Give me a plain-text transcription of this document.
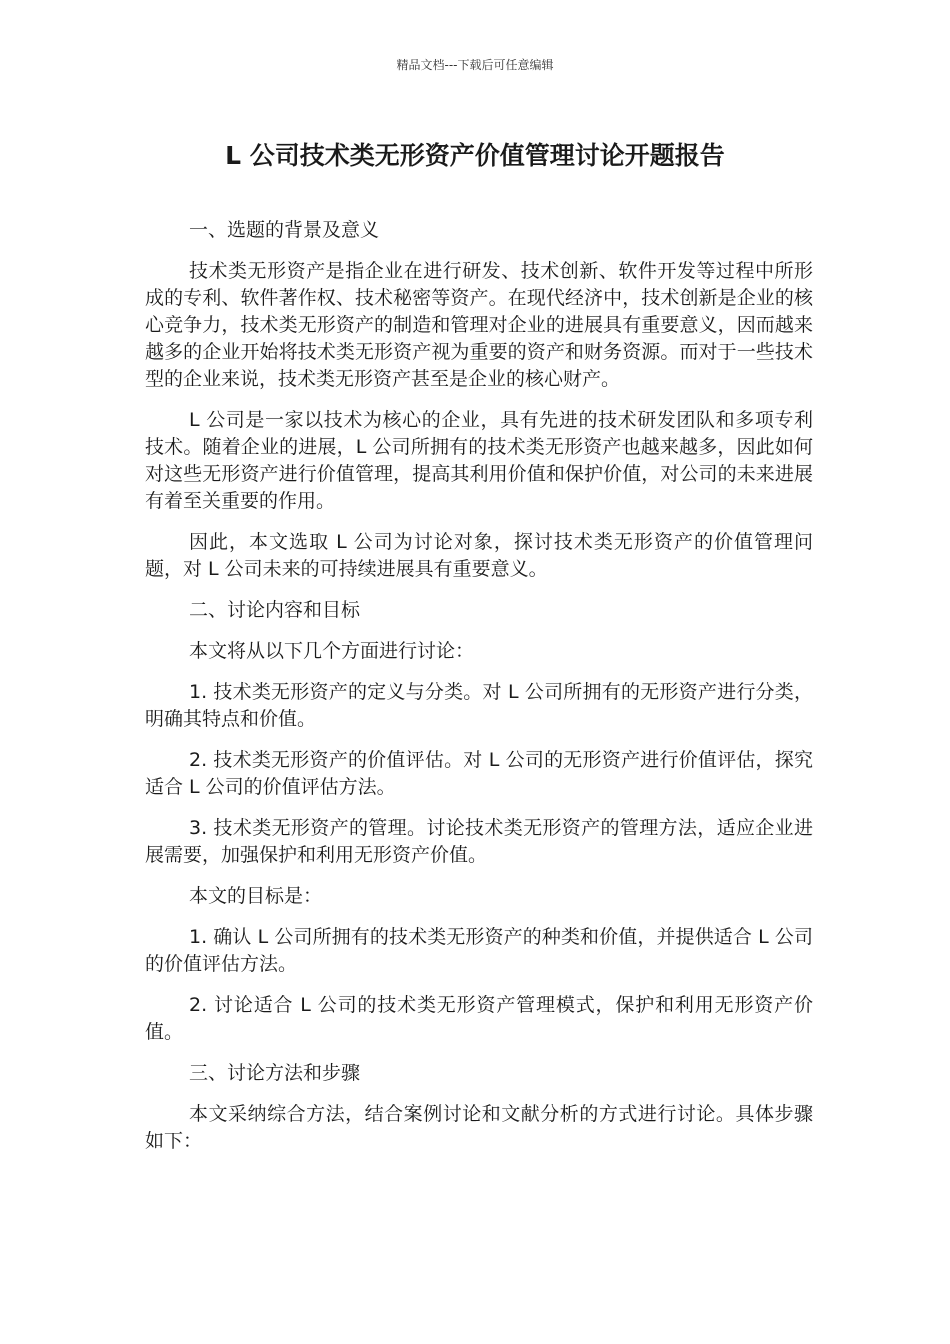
精品文档---下载后可任意编辑
L 公司技术类无形资产价值管理讨论开题报告

一、选题的背景及意义

技术类无形资产是指企业在进行研发、技术创新、软件开发等过程中所形成的专利、软件著作权、技术秘密等资产。在现代经济中，技术创新是企业的核心竞争力，技术类无形资产的制造和管理对企业的进展具有重要意义，因而越来越多的企业开始将技术类无形资产视为重要的资产和财务资源。而对于一些技术型的企业来说，技术类无形资产甚至是企业的核心财产。

L 公司是一家以技术为核心的企业，具有先进的技术研发团队和多项专利技术。随着企业的进展，L 公司所拥有的技术类无形资产也越来越多，因此如何对这些无形资产进行价值管理，提高其利用价值和保护价值，对公司的未来进展有着至关重要的作用。

因此，本文选取 L 公司为讨论对象，探讨技术类无形资产的价值管理问题，对 L 公司未来的可持续进展具有重要意义。

二、讨论内容和目标

本文将从以下几个方面进行讨论：

1. 技术类无形资产的定义与分类。对 L 公司所拥有的无形资产进行分类，明确其特点和价值。

2. 技术类无形资产的价值评估。对 L 公司的无形资产进行价值评估，探究适合 L 公司的价值评估方法。

3. 技术类无形资产的管理。讨论技术类无形资产的管理方法，适应企业进展需要，加强保护和利用无形资产价值。

本文的目标是：

1. 确认 L 公司所拥有的技术类无形资产的种类和价值，并提供适合 L 公司的价值评估方法。

2. 讨论适合 L 公司的技术类无形资产管理模式，保护和利用无形资产价值。

三、讨论方法和步骤

本文采纳综合方法，结合案例讨论和文献分析的方式进行讨论。具体步骤如下：
